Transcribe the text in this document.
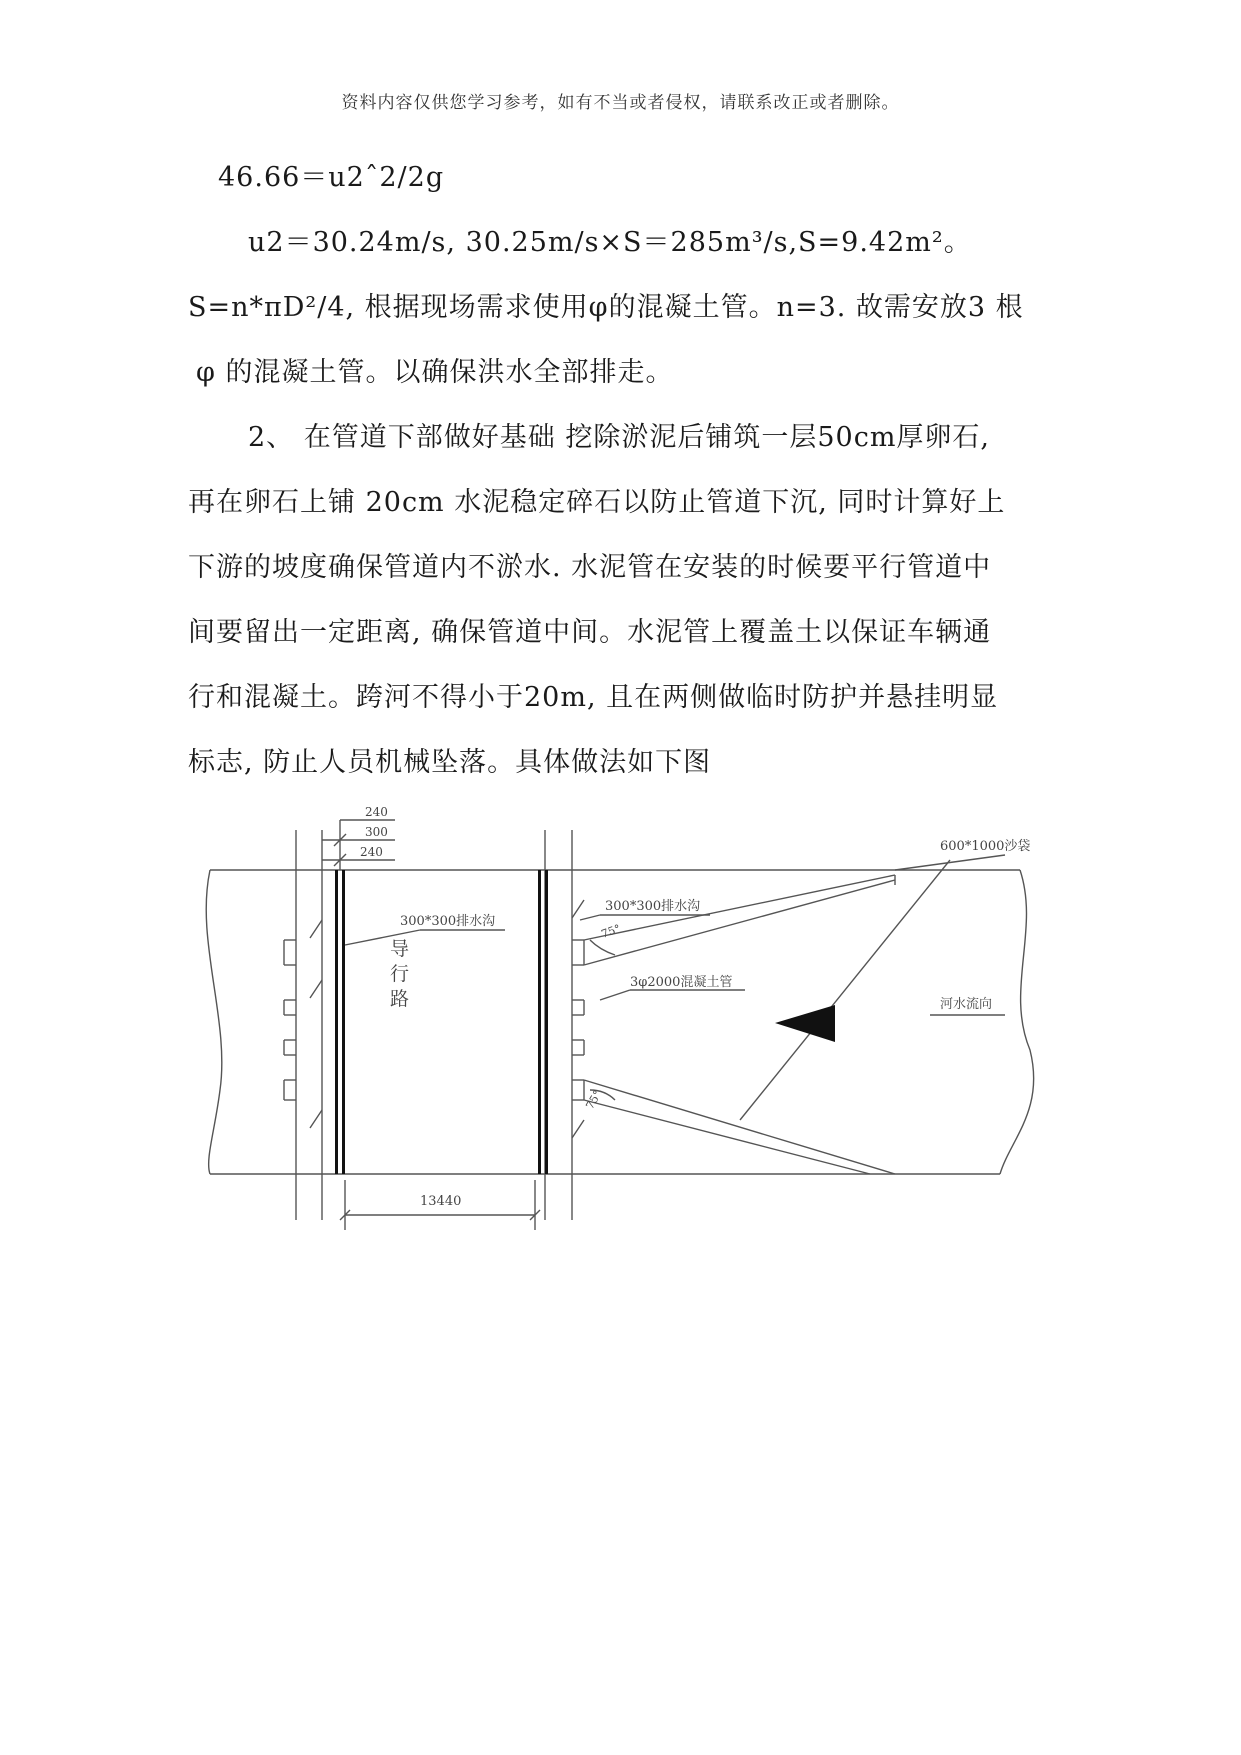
资料内容仅供您学习参考，如有不当或者侵权，请联系改正或者删除。
46.66＝u2ˆ2/2g
u2＝30.24m/s, 30.25m/s×S＝285m³/s,S=9.42m²。
S=n*πD²/4, 根据现场需求使用φ的混凝土管。n=3. 故需安放3 根
φ 的混凝土管。以确保洪水全部排走。
2、 在管道下部做好基础 挖除淤泥后铺筑一层50cm厚卵石,
再在卵石上铺 20cm 水泥稳定碎石以防止管道下沉, 同时计算好上
下游的坡度确保管道内不淤水. 水泥管在安装的时候要平行管道中
间要留出一定距离, 确保管道中间。水泥管上覆盖土以保证车辆通
行和混凝土。跨河不得小于20m, 且在两侧做临时防护并悬挂明显
标志, 防止人员机械坠落。具体做法如下图
240
300
240
300*300排水沟
导
行
路
300*300排水沟
75°
3φ2000混凝土管
600*1000沙袋
河水流向
75°
13440
